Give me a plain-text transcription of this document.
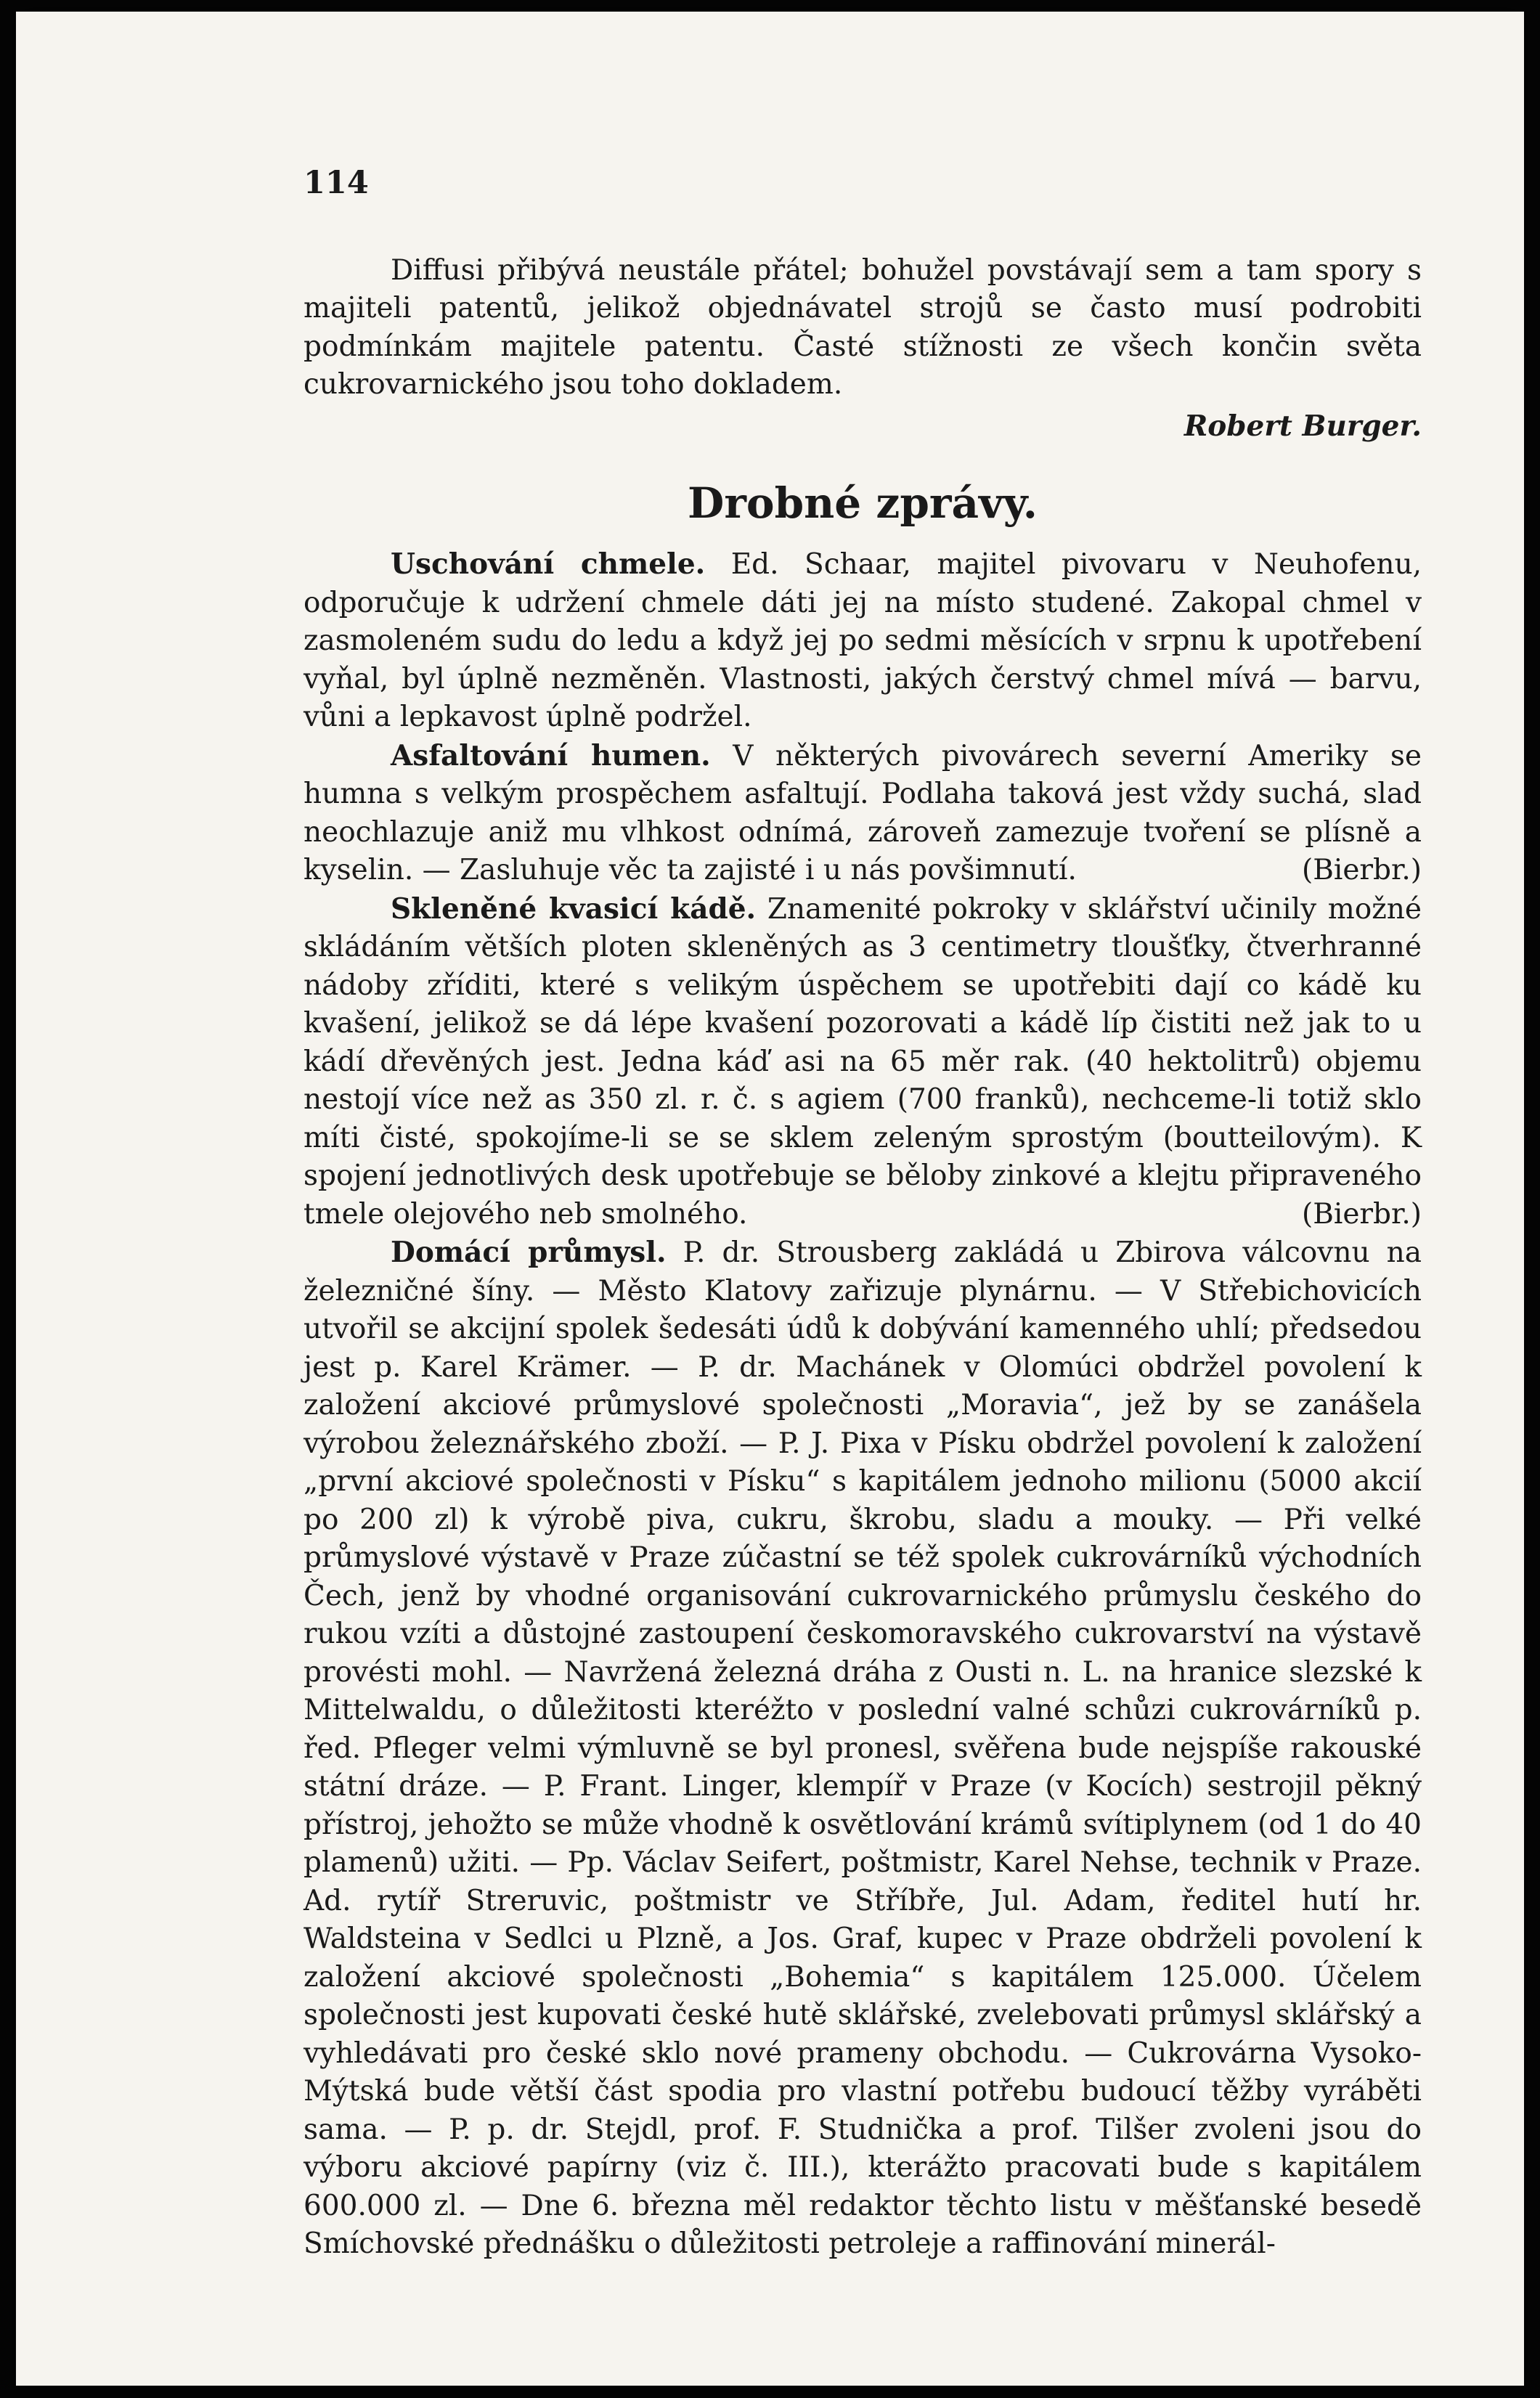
114

Diffusi přibývá neustále přátel; bohužel povstávají sem a tam spory s majiteli patentů, jelikož objednávatel strojů se často musí podrobiti podmínkám majitele patentu. Časté stížnosti ze všech končin světa cukrovarnického jsou toho dokladem.

Robert Burger.
Drobné zprávy.

Uschování chmele. Ed. Schaar, majitel pivovaru v Neuhofenu, odporučuje k udržení chmele dáti jej na místo studené. Zakopal chmel v zasmoleném sudu do ledu a když jej po sedmi měsících v srpnu k upotřebení vyňal, byl úplně nezměněn. Vlastnosti, jakých čerstvý chmel mívá — barvu, vůni a lepkavost úplně podržel.

Asfaltování humen. V některých pivovárech severní Ameriky se humna s velkým prospěchem asfaltují. Podlaha taková jest vždy suchá, slad neochlazuje aniž mu vlhkost odnímá, zároveň zamezuje tvoření se plísně a kyselin. — Zasluhuje věc ta zajisté i u nás povšimnutí.	(Bierbr.)

Skleněné kvasicí kádě. Znamenité pokroky v sklářství učinily možné skládáním větších ploten skleněných as 3 centimetry tloušťky, čtverhranné nádoby zříditi, které s velikým úspěchem se upotřebiti dají co kádě ku kvašení, jelikož se dá lépe kvašení pozorovati a kádě líp čistiti než jak to u kádí dřevěných jest. Jedna káď asi na 65 měr rak. (40 hektolitrů) objemu nestojí více než as 350 zl. r. č. s agiem (700 franků), nechceme-li totiž sklo míti čisté, spokojíme-li se se sklem zeleným sprostým (boutteilovým). K spojení jednotlivých desk upotřebuje se běloby zinkové a klejtu připraveného tmele olejového neb smolného.	(Bierbr.)

Domácí průmysl. P. dr. Strousberg zakládá u Zbirova válcovnu na železničné šíny. — Město Klatovy zařizuje plynárnu. — V Střebichovicích utvořil se akcijní spolek šedesáti údů k dobývání kamenného uhlí; předsedou jest p. Karel Krämer. — P. dr. Machánek v Olomúci obdržel povolení k založení akciové průmyslové společnosti „Moravia“, jež by se zanášela výrobou železnářského zboží. — P. J. Pixa v Písku obdržel povolení k založení „první akciové společnosti v Písku“ s kapitálem jednoho milionu (5000 akcií po 200 zl) k výrobě piva, cukru, škrobu, sladu a mouky. — Při velké průmyslové výstavě v Praze zúčastní se též spolek cukrovárníků východních Čech, jenž by vhodné organisování cukrovarnického průmyslu českého do rukou vzíti a důstojné zastoupení českomoravského cukrovarství na výstavě provésti mohl. — Navržená železná dráha z Ousti n. L. na hranice slezské k Mittelwaldu, o důležitosti kteréžto v poslední valné schůzi cukrovárníků p. řed. Pfleger velmi výmluvně se byl pronesl, svěřena bude nejspíše rakouské státní dráze. — P. Frant. Linger, klempíř v Praze (v Kocích) sestrojil pěkný přístroj, jehožto se může vhodně k osvětlování krámů svítiplynem (od 1 do 40 plamenů) užiti. — Pp. Václav Seifert, poštmistr, Karel Nehse, technik v Praze. Ad. rytíř Streruvic, poštmistr ve Stříbře, Jul. Adam, ředitel hutí hr. Waldsteina v Sedlci u Plzně, a Jos. Graf, kupec v Praze obdrželi povolení k založení akciové společnosti „Bohemia“ s kapitálem 125.000. Účelem společnosti jest kupovati české hutě sklářské, zvelebovati průmysl sklářský a vyhledávati pro české sklo nové prameny obchodu. — Cukrovárna Vysoko-Mýtská bude větší část spodia pro vlastní potřebu budoucí těžby vyráběti sama. — P. p. dr. Stejdl, prof. F. Studnička a prof. Tilšer zvoleni jsou do výboru akciové papírny (viz č. III.), kterážto pracovati bude s kapitálem 600.000 zl. — Dne 6. března měl redaktor těchto listu v měšťanské besedě Smíchovské přednášku o důležitosti petroleje a raffinování minerál-
